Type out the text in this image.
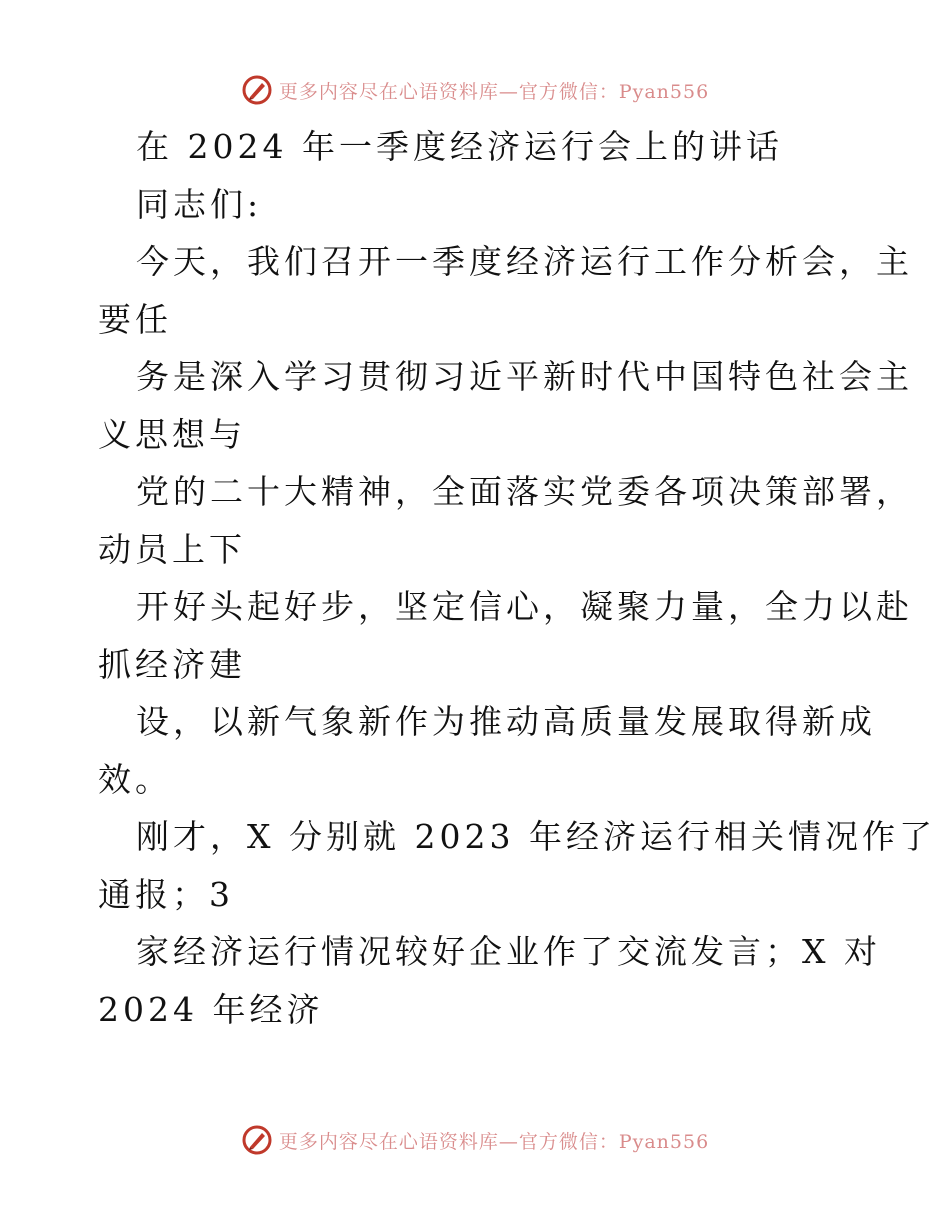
更多内容尽在心语资料库—官方微信：Pyan556
在 2024 年一季度经济运行会上的讲话
同志们:
今天，我们召开一季度经济运行工作分析会，主
要任
务是深入学习贯彻习近平新时代中国特色社会主
义思想与
党的二十大精神，全面落实党委各项决策部署，
动员上下
开好头起好步，坚定信心，凝聚力量，全力以赴
抓经济建
设，以新气象新作为推动高质量发展取得新成
效。
刚才，X 分别就 2023 年经济运行相关情况作了
通报；3
家经济运行情况较好企业作了交流发言；X 对
2024 年经济
更多内容尽在心语资料库—官方微信：Pyan556
